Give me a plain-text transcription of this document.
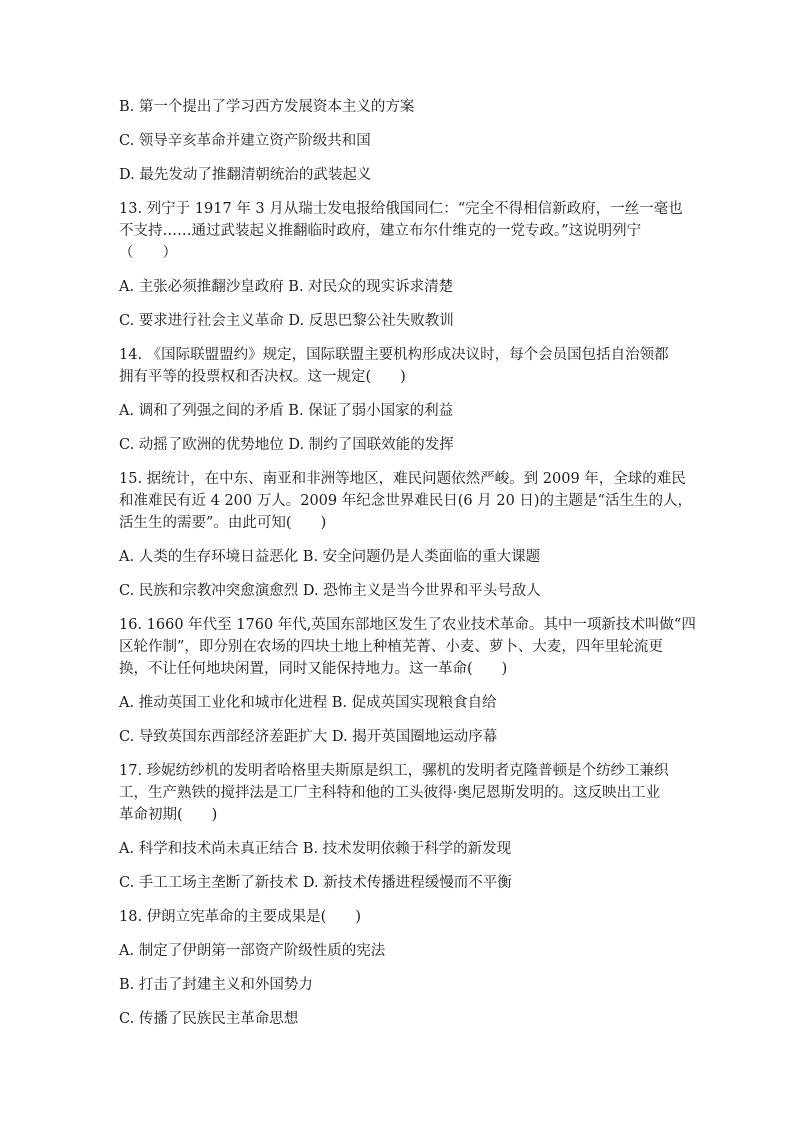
B. 第一个提出了学习西方发展资本主义的方案
C. 领导辛亥革命并建立资产阶级共和国
D. 最先发动了推翻清朝统治的武装起义
13. 列宁于 1917 年 3 月从瑞士发电报给俄国同仁：“完全不得相信新政府，一丝一毫也
不支持……通过武装起义推翻临时政府，建立布尔什维克的一党专政。”这说明列宁
（　　）
A. 主张必须推翻沙皇政府 B. 对民众的现实诉求清楚
C. 要求进行社会主义革命 D. 反思巴黎公社失败教训
14. 《国际联盟盟约》规定，国际联盟主要机构形成决议时，每个会员国包括自治领都
拥有平等的投票权和否决权。这一规定(　　)
A. 调和了列强之间的矛盾 B. 保证了弱小国家的利益
C. 动摇了欧洲的优势地位 D. 制约了国联效能的发挥
15. 据统计，在中东、南亚和非洲等地区，难民问题依然严峻。到 2009 年，全球的难民
和准难民有近 4 200 万人。2009 年纪念世界难民日(6 月 20 日)的主题是“活生生的人，
活生生的需要”。由此可知(　　)
A. 人类的生存环境日益恶化 B. 安全问题仍是人类面临的重大课题
C. 民族和宗教冲突愈演愈烈 D. 恐怖主义是当今世界和平头号敌人
16. 1660 年代至 1760 年代,英国东部地区发生了农业技术革命。其中一项新技术叫做“四
区轮作制”，即分别在农场的四块土地上种植芜菁、小麦、萝卜、大麦，四年里轮流更
换，不让任何地块闲置，同时又能保持地力。这一革命(　　)
A. 推动英国工业化和城市化进程 B. 促成英国实现粮食自给
C. 导致英国东西部经济差距扩大 D. 揭开英国圈地运动序幕
17. 珍妮纺纱机的发明者哈格里夫斯原是织工，骡机的发明者克隆普顿是个纺纱工兼织
工，生产熟铁的搅拌法是工厂主科特和他的工头彼得·奥尼恩斯发明的。这反映出工业
革命初期(　　)
A. 科学和技术尚未真正结合 B. 技术发明依赖于科学的新发现
C. 手工工场主垄断了新技术 D. 新技术传播进程缓慢而不平衡
18. 伊朗立宪革命的主要成果是(　　)
A. 制定了伊朗第一部资产阶级性质的宪法
B. 打击了封建主义和外国势力
C. 传播了民族民主革命思想
